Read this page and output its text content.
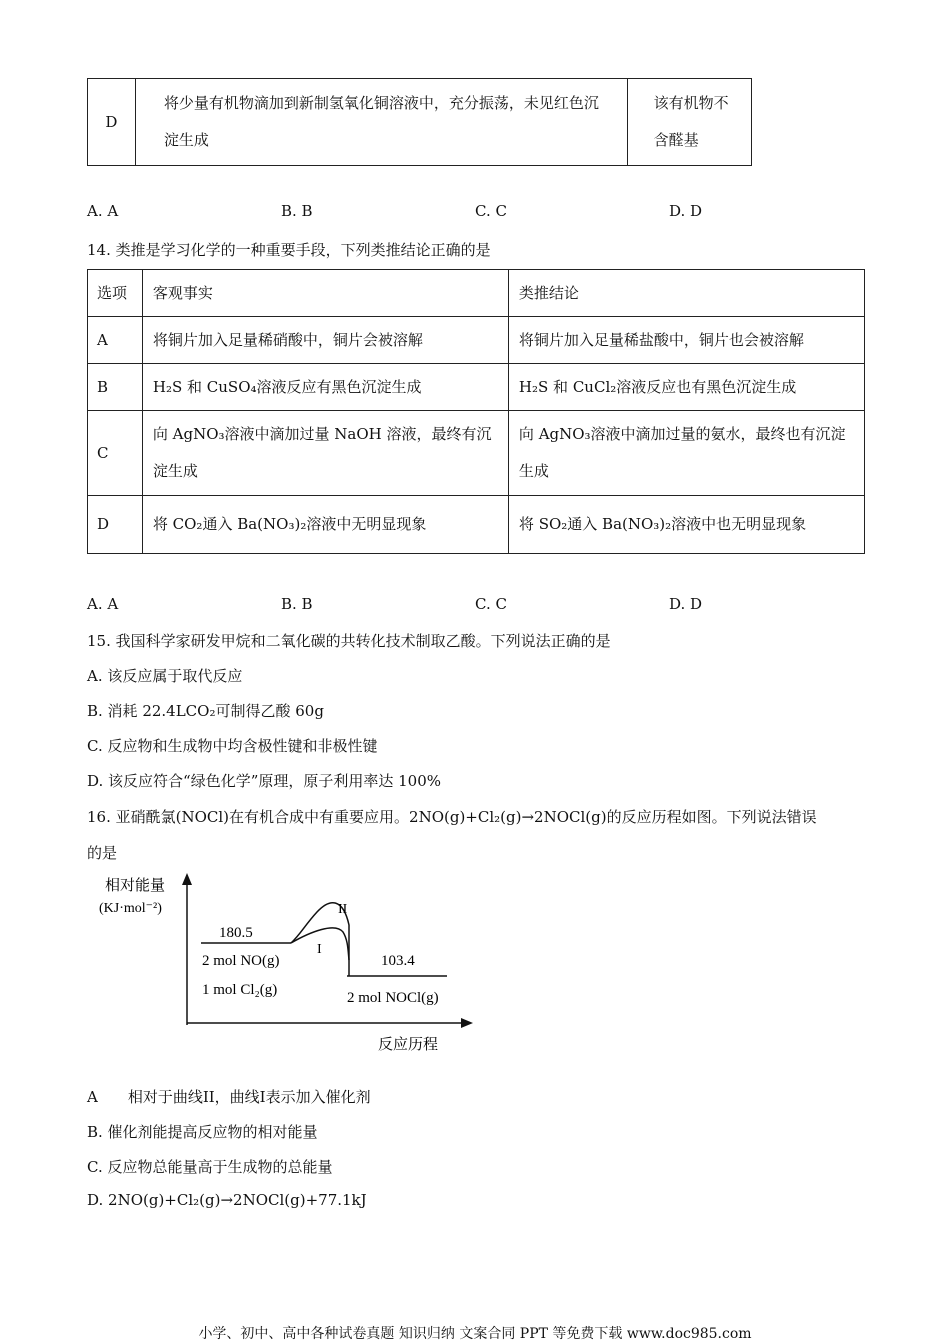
D	将少量有机物滴加到新制氢氧化铜溶液中，充分振荡，未见红色沉淀生成	该有机物不含醛基
A. A	B. B	C. C	D. D
14. 类推是学习化学的一种重要手段，下列类推结论正确的是
选项	客观事实	类推结论
A	将铜片加入足量稀硝酸中，铜片会被溶解	将铜片加入足量稀盐酸中，铜片也会被溶解
B	H₂S 和 CuSO₄溶液反应有黑色沉淀生成	H₂S 和 CuCl₂溶液反应也有黑色沉淀生成
C	向 AgNO₃溶液中滴加过量 NaOH 溶液，最终有沉淀生成	向 AgNO₃溶液中滴加过量的氨水，最终也有沉淀生成
D	将 CO₂通入 Ba(NO₃)₂溶液中无明显现象	将 SO₂通入 Ba(NO₃)₂溶液中也无明显现象
A. A	B. B	C. C	D. D
15. 我国科学家研发甲烷和二氧化碳的共转化技术制取乙酸。下列说法正确的是
A. 该反应属于取代反应
B. 消耗 22.4LCO₂可制得乙酸 60g
C. 反应物和生成物中均含极性键和非极性键
D. 该反应符合“绿色化学”原理，原子利用率达 100%
16. 亚硝酰氯(NOCl)在有机合成中有重要应用。2NO(g)+Cl₂(g)→2NOCl(g)的反应历程如图。下列说法错误
的是
相对能量
(KJ·mol⁻²)
180.5
103.4
2 mol NO(g)
1 mol Cl₂(g)	2 mol NOCl(g)
I
II
反应历程
A　　相对于曲线II，曲线I表示加入催化剂
B. 催化剂能提高反应物的相对能量
C. 反应物总能量高于生成物的总能量
D. 2NO(g)+Cl₂(g)→2NOCl(g)+77.1kJ
小学、初中、高中各种试卷真题 知识归纳 文案合同 PPT 等免费下载 www.doc985.com
